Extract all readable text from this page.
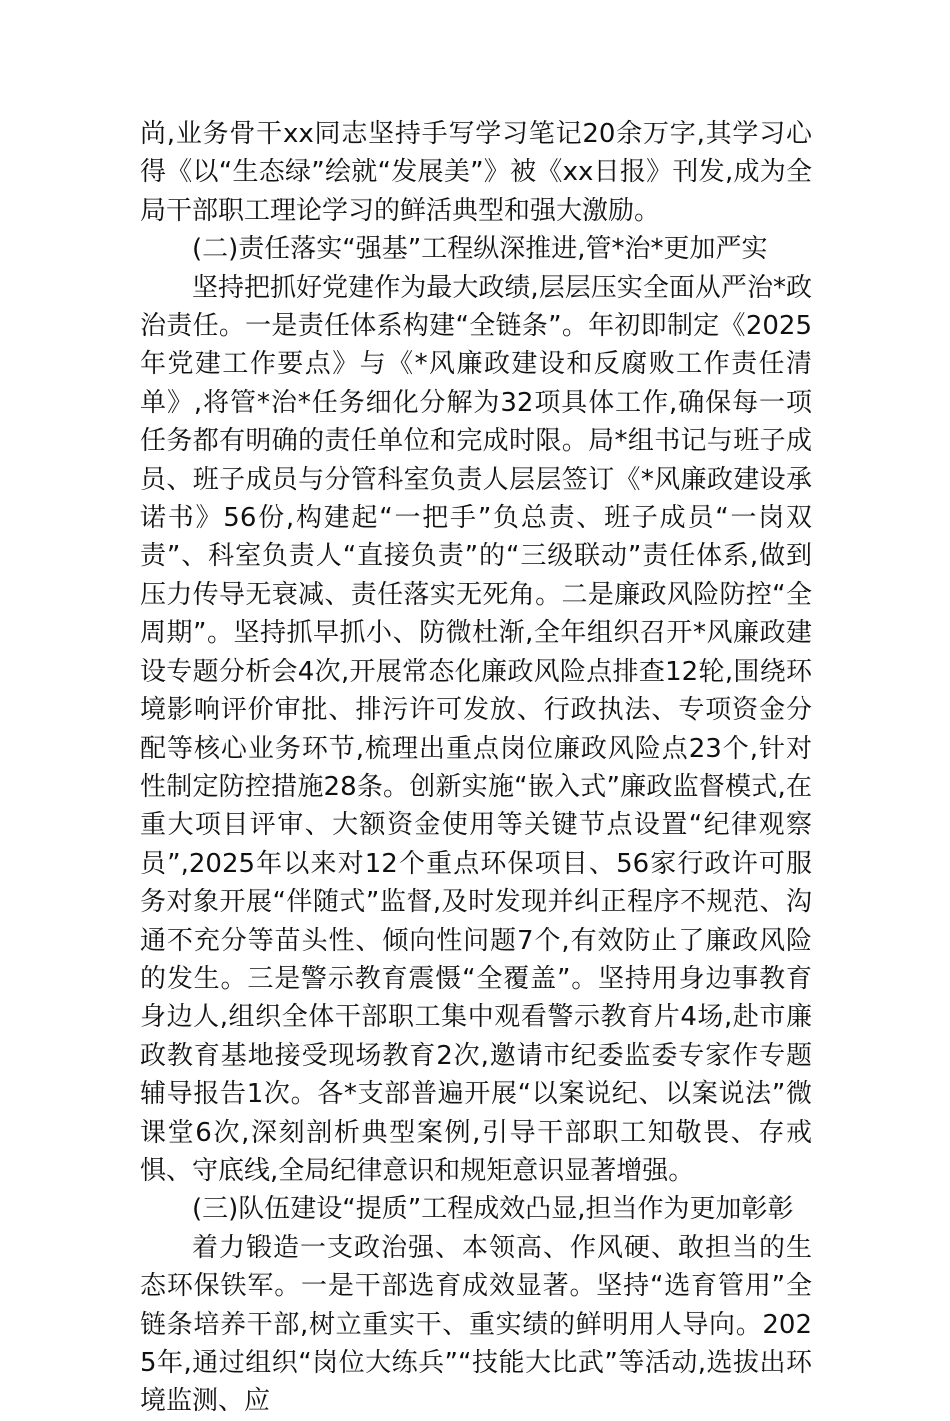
尚,业务骨干xx同志坚持手写学习笔记20余万字,其学习心得《以“生态绿”绘就“发展美”》被《xx日报》刊发,成为全局干部职工理论学习的鲜活典型和强大激励。

(二)责任落实“强基”工程纵深推进,管*治*更加严实

坚持把抓好党建作为最大政绩,层层压实全面从严治*政治责任。一是责任体系构建“全链条”。年初即制定《2025年党建工作要点》与《*风廉政建设和反腐败工作责任清单》,将管*治*任务细化分解为32项具体工作,确保每一项任务都有明确的责任单位和完成时限。局*组书记与班子成员、班子成员与分管科室负责人层层签订《*风廉政建设承诺书》56份,构建起“一把手”负总责、班子成员“一岗双责”、科室负责人“直接负责”的“三级联动”责任体系,做到压力传导无衰减、责任落实无死角。二是廉政风险防控“全周期”。坚持抓早抓小、防微杜渐,全年组织召开*风廉政建设专题分析会4次,开展常态化廉政风险点排查12轮,围绕环境影响评价审批、排污许可发放、行政执法、专项资金分配等核心业务环节,梳理出重点岗位廉政风险点23个,针对性制定防控措施28条。创新实施“嵌入式”廉政监督模式,在重大项目评审、大额资金使用等关键节点设置“纪律观察员”,2025年以来对12个重点环保项目、56家行政许可服务对象开展“伴随式”监督,及时发现并纠正程序不规范、沟通不充分等苗头性、倾向性问题7个,有效防止了廉政风险的发生。三是警示教育震慑“全覆盖”。坚持用身边事教育身边人,组织全体干部职工集中观看警示教育片4场,赴市廉政教育基地接受现场教育2次,邀请市纪委监委专家作专题辅导报告1次。各*支部普遍开展“以案说纪、以案说法”微课堂6次,深刻剖析典型案例,引导干部职工知敬畏、存戒惧、守底线,全局纪律意识和规矩意识显著增强。

(三)队伍建设“提质”工程成效凸显,担当作为更加彰彰

着力锻造一支政治强、本领高、作风硬、敢担当的生态环保铁军。一是干部选育成效显著。坚持“选育管用”全链条培养干部,树立重实干、重实绩的鲜明用人导向。2025年,通过组织“岗位大练兵”“技能大比武”等活动,选拔出环境监测、应
